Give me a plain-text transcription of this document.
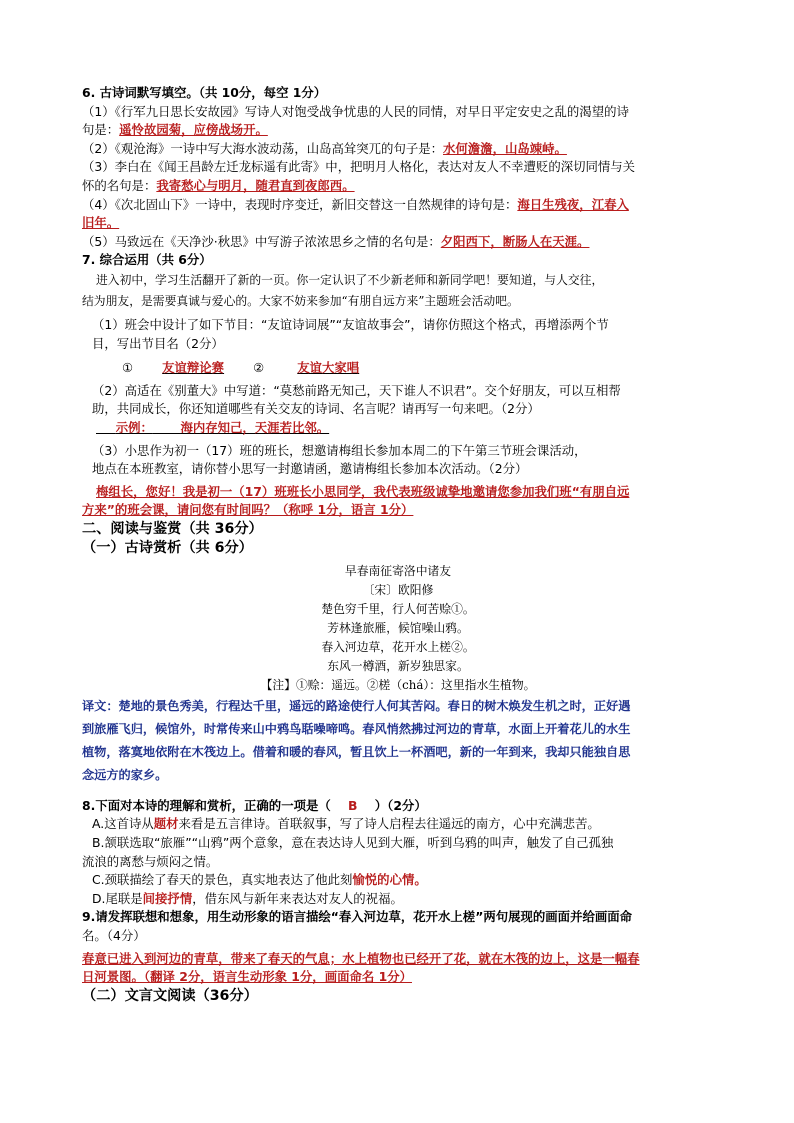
6. 古诗词默写填空。（共 10分，每空 1分）
（1）《行军九日思长安故园》写诗人对饱受战争忧患的人民的同情，对早日平定安史之乱的渴望的诗
句是：遥怜故园菊，应傍战场开。
（2）《观沧海》一诗中写大海水波动荡，山岛高耸突兀的句子是：水何澹澹，山岛竦峙。
（3）李白在《闻王昌龄左迁龙标遥有此寄》中，把明月人格化，表达对友人不幸遭贬的深切同情与关
怀的名句是：我寄愁心与明月，随君直到夜郎西。
（4）《次北固山下》一诗中，表现时序变迁，新旧交替这一自然规律的诗句是：海日生残夜，江春入
旧年。
（5）马致远在《天净沙·秋思》中写游子浓浓思乡之情的名句是：夕阳西下，断肠人在天涯。
7. 综合运用（共 6分）
进入初中，学习生活翻开了新的一页。你一定认识了不少新老师和新同学吧！要知道，与人交往，
结为朋友，是需要真诚与爱心的。大家不妨来参加“有朋自远方来”主题班会活动吧。
（1）班会中设计了如下节目：“友谊诗词展”“友谊故事会”，请你仿照这个格式，再增添两个节
目，写出节目名（2分）
① 友谊辩论赛 ②	友谊大家唱
（2）高适在《别董大》中写道：“莫愁前路无知己，天下谁人不识君”。交个好朋友，可以互相帮
助，共同成长，你还知道哪些有关交友的诗词、名言呢？请再写一句来吧。（2分）
示例： 海内存知己，天涯若比邻。
（3）小思作为初一（17）班的班长，想邀请梅组长参加本周二的下午第三节班会课活动，
地点在本班教室，请你替小思写一封邀请函，邀请梅组长参加本次活动。（2分）
梅组长，您好！我是初一（17）班班长小思同学，我代表班级诚挚地邀请您参加我们班“有朋自远
方来”的班会课，请问您有时间吗？（称呼 1分，语言 1分）
二、阅读与鉴赏（共 36分）
（一）古诗赏析（共 6分）
早春南征寄洛中诸友
〔宋〕欧阳修
楚色穷千里，行人何苦赊①。
芳林逢旅雁，候馆噪山鸦。
春入河边草，花开水上槎②。
东风一樽酒，新岁独思家。
【注】①赊：遥远。②槎（chá）：这里指水生植物。
译文：楚地的景色秀美，行程达千里，遥远的路途使行人何其苦闷。春日的树木焕发生机之时，正好遇
到旅雁飞归，候馆外，时常传来山中鸦鸟聒噪啼鸣。春风悄然拂过河边的青草，水面上开着花儿的水生
植物，落寞地依附在木筏边上。借着和暖的春风，暂且饮上一杯酒吧，新的一年到来，我却只能独自思
念远方的家乡。
8.下面对本诗的理解和赏析，正确的一项是（ B ）（2分）
A.这首诗从题材来看是五言律诗。首联叙事，写了诗人启程去往遥远的南方，心中充满悲苦。
B.颔联选取“旅雁”“山鸦”两个意象，意在表达诗人见到大雁，听到乌鸦的叫声，触发了自己孤独
流浪的离愁与烦闷之情。
C.颈联描绘了春天的景色，真实地表达了他此刻愉悦的心情。
D.尾联是间接抒情，借东风与新年来表达对友人的祝福。
9.请发挥联想和想象，用生动形象的语言描绘“春入河边草，花开水上槎”两句展现的画面并给画面命
名。（4分）
春意已进入到河边的青草，带来了春天的气息；水上植物也已经开了花，就在木筏的边上，这是一幅春
日河景图。（翻译 2分，语言生动形象 1分，画面命名 1分）
（二）文言文阅读（36分）
